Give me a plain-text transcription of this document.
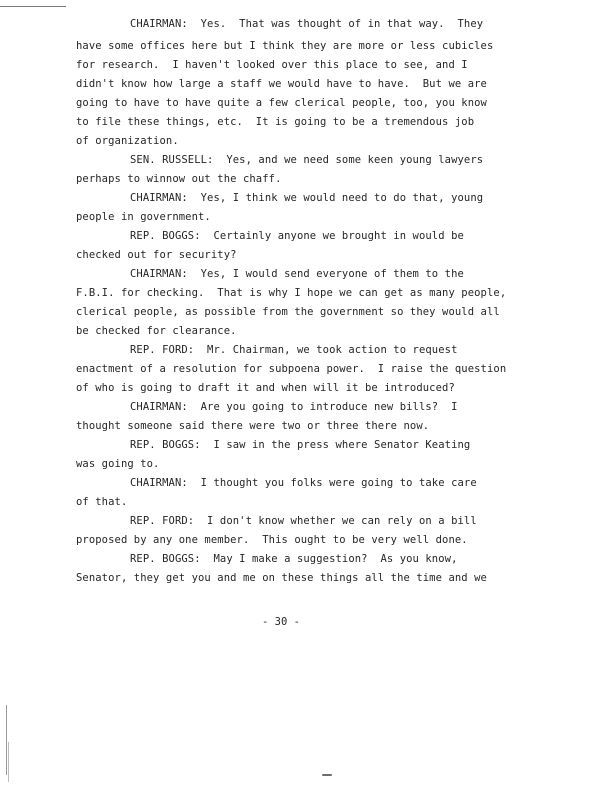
CHAIRMAN:  Yes.  That was thought of in that way.  They
have some offices here but I think they are more or less cubicles
for research.  I haven't looked over this place to see, and I
didn't know how large a staff we would have to have.  But we are
going to have to have quite a few clerical people, too, you know
to file these things, etc.  It is going to be a tremendous job
of organization.
SEN. RUSSELL:  Yes, and we need some keen young lawyers
perhaps to winnow out the chaff.
CHAIRMAN:  Yes, I think we would need to do that, young
people in government.
REP. BOGGS:  Certainly anyone we brought in would be
checked out for security?
CHAIRMAN:  Yes, I would send everyone of them to the
F.B.I. for checking.  That is why I hope we can get as many people,
clerical people, as possible from the government so they would all
be checked for clearance.
REP. FORD:  Mr. Chairman, we took action to request
enactment of a resolution for subpoena power.  I raise the question
of who is going to draft it and when will it be introduced?
CHAIRMAN:  Are you going to introduce new bills?  I
thought someone said there were two or three there now.
REP. BOGGS:  I saw in the press where Senator Keating
was going to.
CHAIRMAN:  I thought you folks were going to take care
of that.
REP. FORD:  I don't know whether we can rely on a bill
proposed by any one member.  This ought to be very well done.
REP. BOGGS:  May I make a suggestion?  As you know,
Senator, they get you and me on these things all the time and we
- 30 -
